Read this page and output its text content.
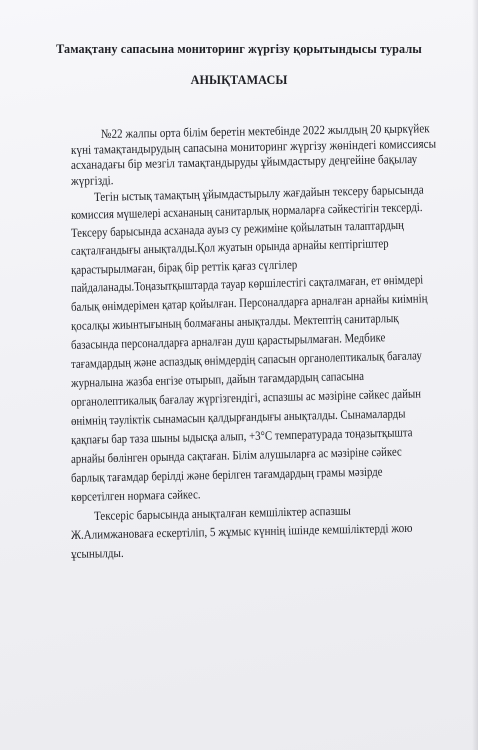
Тамақтану сапасына мониторинг жүргізу қорытындысы туралы
АНЫҚТАМАСЫ
№22 жалпы орта білім беретін мектебінде 2022 жылдың 20 қыркүйек
күні тамақтандырудың сапасына мониторинг жүргізу жөніндегі комиссиясы
асханадағы бір мезгіл тамақтандыруды ұйымдастыру деңгейіне бақылау
жүргізді.
Тегін ыстық тамақтың ұйымдастырылу жағдайын тексеру барысында
комиссия мүшелері асхананың санитарлық нормаларға сәйкестігін тексерді.
Тексеру барысында асханада ауыз су режиміне қойылатын талаптардың
сақталғандығы анықталды.Қол жуатын орында арнайы кептіргіштер
қарастырылмаған, бірақ бір реттік қағаз сүлгілер
пайдаланады.Тоңазытқыштарда тауар көршілестігі сақталмаған, ет өнімдері
балық өнімдерімен қатар қойылған. Персоналдарға арналған арнайы киімнің
қосалқы жиынтығының болмағаны анықталды. Мектептің санитарлық
базасында персоналдарға арналған душ қарастырылмаған. Медбике
тағамдардың және аспаздық өнімдердің сапасын органолептикалық бағалау
журналына жазба енгізе отырып, дайын тағамдардың сапасына
органолептикалық бағалау жүргізгендігі, аспазшы ас мәзіріне сәйкес дайын
өнімнің тәуліктік сынамасын қалдырғандығы анықталды. Сынамаларды
қақпағы бар таза шыны ыдысқа алып, +3°С температурада тоңазытқышта
арнайы бөлінген орында сақтаған. Білім алушыларға ас мәзіріне сәйкес
барлық тағамдар берілді және берілген тағамдардың грамы мәзірде
көрсетілген нормаға сәйкес.
Тексеріс барысында анықталған кемшіліктер аспазшы
Ж.Алимжановаға ескертіліп, 5 жұмыс күннің ішінде кемшіліктерді жою
ұсынылды.
